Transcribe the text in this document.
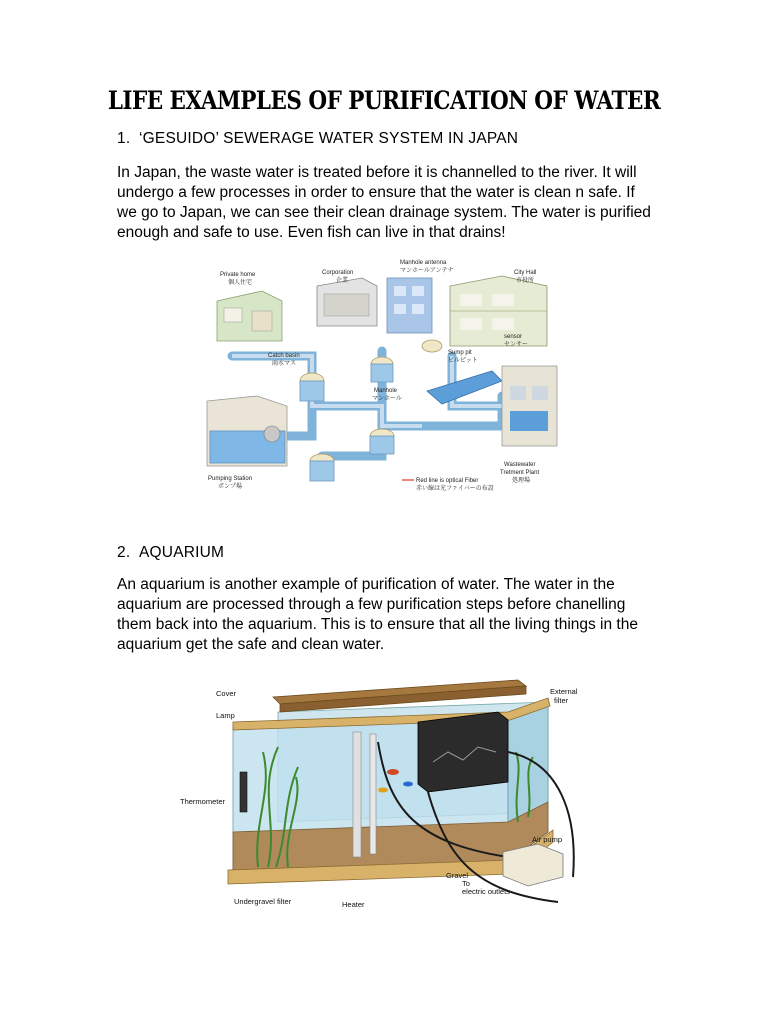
LIFE EXAMPLES OF PURIFICATION OF WATER
1. ‘GESUIDO’ SEWERAGE WATER SYSTEM IN JAPAN
In Japan, the waste water is treated before it is channelled to the river. It will undergo a few processes in order to ensure that the water is clean n safe. If we go to Japan, we can see their clean drainage system. The water is purified enough and safe to use. Even fish can live in that drains!
Private home
個人住宅
Corporation
企業
Manhole antenna
マンホールアンテナ	City Hall
市役所
Catch basin
雨水マス
Sump pit
ビルピット
sensor
センサー
Manhole
マンホール
Pumping Station
ポンプ場
Red line is optical Fiber
赤い線は光ファイバーの布設
Wastewater
Tretment Plant
処理場
2. AQUARIUM
An aquarium is another example of purification of water. The water in the aquarium are processed through a few purification steps before chanelling them back into the aquarium. This is to ensure that all the living things in the aquarium get the safe and clean water.
Cover
Lamp
External
filter
Thermometer
Air pump
Gravel
To
electric outlets
Undergravel filter	Heater
